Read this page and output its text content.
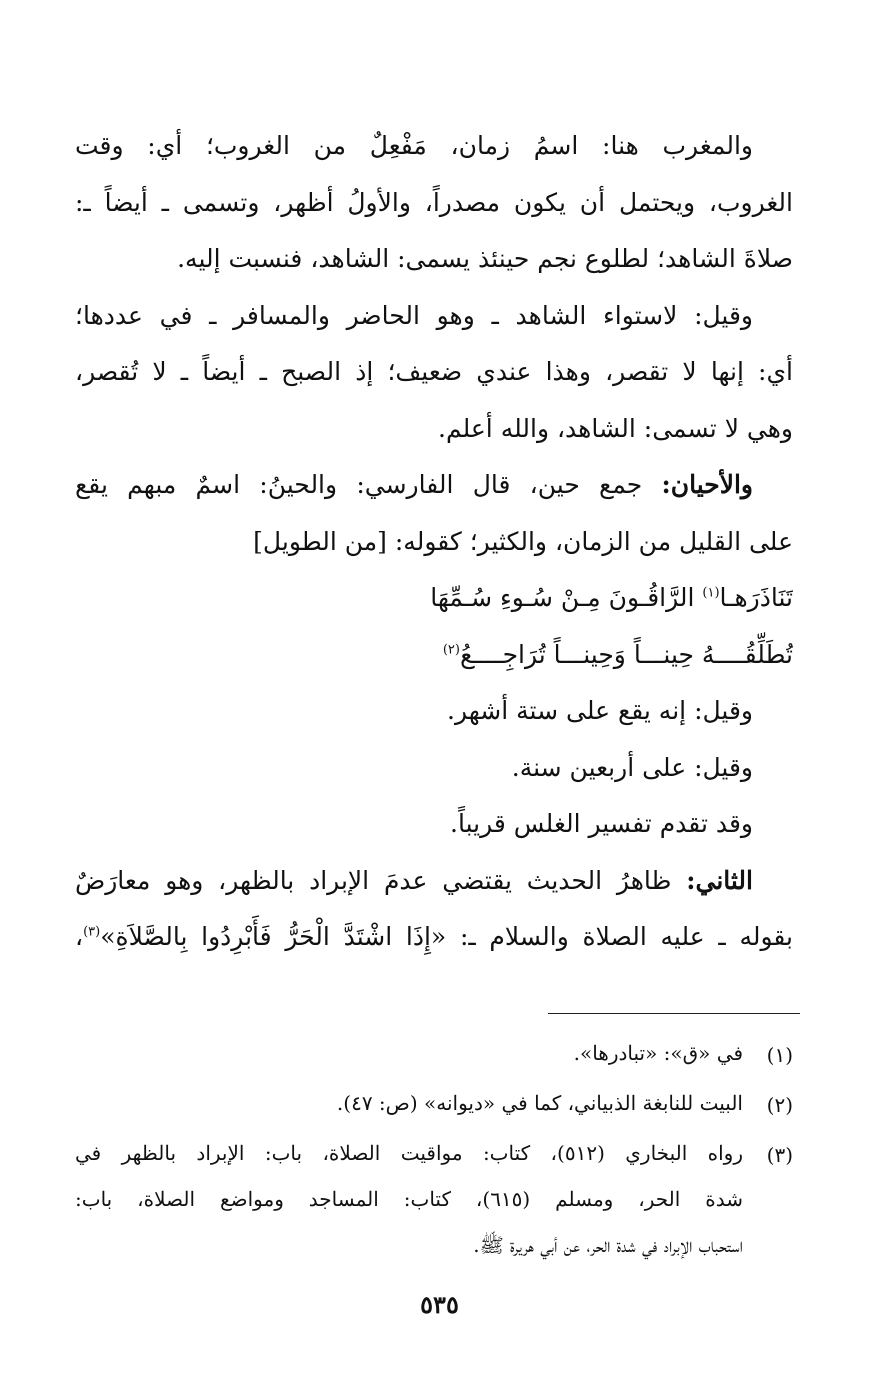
والمغرب هنا: اسمُ زمان، مَفْعِلٌ من الغروب؛ أي: وقت
الغروب، ويحتمل أن يكون مصدراً، والأولُ أظهر، وتسمى ـ أيضاً ـ:
صلاةَ الشاهد؛ لطلوع نجم حينئذ يسمى: الشاهد، فنسبت إليه.
وقيل: لاستواء الشاهد ـ وهو الحاضر والمسافر ـ في عددها؛
أي: إنها لا تقصر، وهذا عندي ضعيف؛ إذ الصبح ـ أيضاً ـ لا تُقصر،
وهي لا تسمى: الشاهد، والله أعلم.
والأحيان: جمع حين، قال الفارسي: والحينُ: اسمٌ مبهم يقع
على القليل من الزمان، والكثير؛ كقوله: [من الطويل]
تَنَاذَرَهـا$^{(١)}$ الرَّاقُـونَ مِـنْ سُـوءِ سُـمِّهَا
تُطَلِّقُــــهُ حِينـــاً وَحِينـــاً تُرَاجِــــعُ$^{(٢)}$
وقيل: إنه يقع على ستة أشهر.
وقيل: على أربعين سنة.
وقد تقدم تفسير الغلس قريباً.
الثاني: ظاهرُ الحديث يقتضي عدمَ الإبراد بالظهر، وهو معارَضٌ
بقوله ـ عليه الصلاة والسلام ـ: «إِذَا اشْتَدَّ الْحَرُّ فَأَبْرِدُوا بِالصَّلاَةِ»$^{(٣)}$،
(١)
في «ق»: «تبادرها».
(٢)
البيت للنابغة الذبياني، كما في «ديوانه» (ص: ٤٧).
(٣)
رواه البخاري (٥١٢)، كتاب: مواقيت الصلاة، باب: الإبراد بالظهر في
شدة الحر، ومسلم (٦١٥)، كتاب: المساجد ومواضع الصلاة، باب:
استحباب الإبراد في شدة الحر، عن أبي هريرة ﷺ.
٥٣٥
